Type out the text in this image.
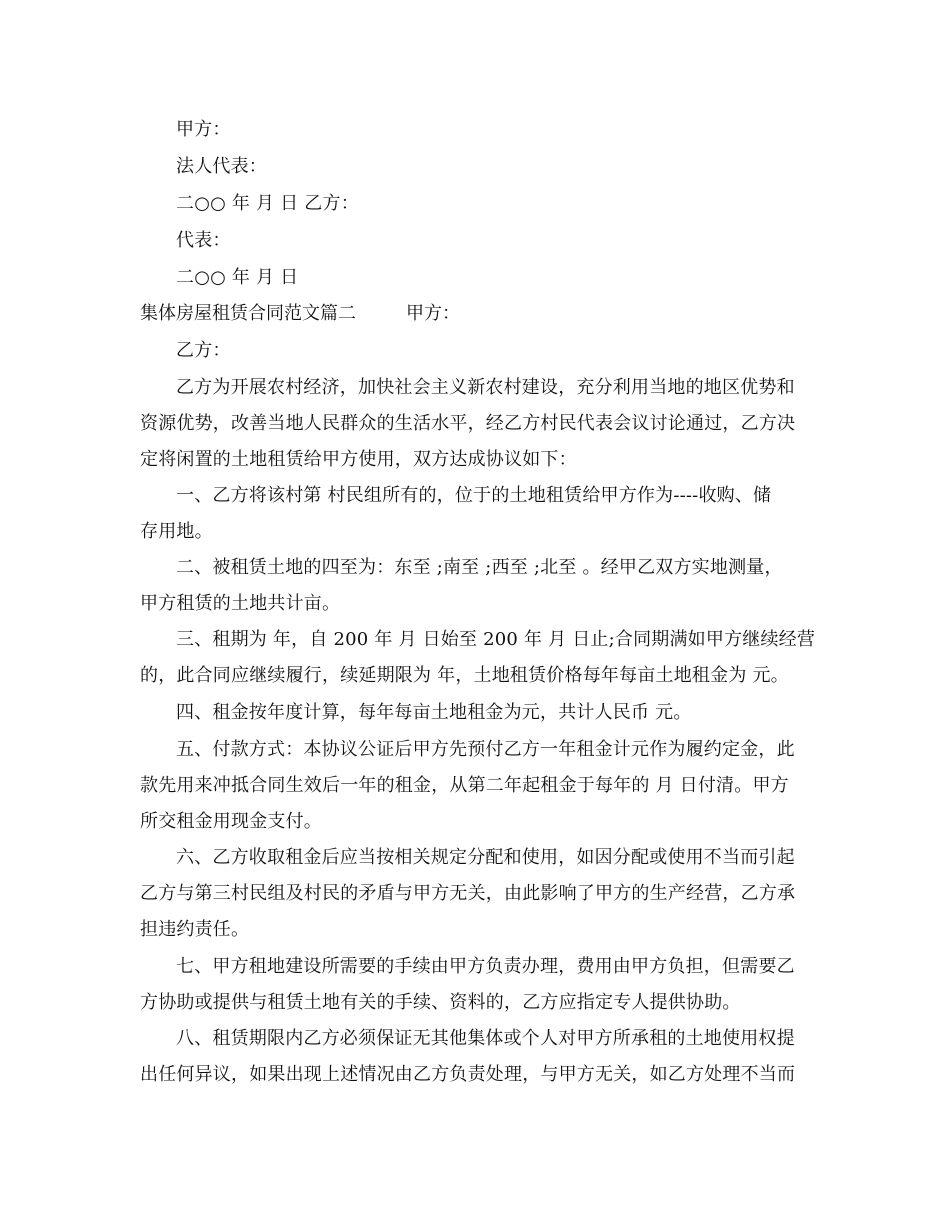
甲方：
法人代表：
二○○ 年 月 日 乙方：
代表：
二○○ 年 月 日
集体房屋租赁合同范文篇二	甲方：
乙方：
乙方为开展农村经济，加快社会主义新农村建设，充分利用当地的地区优势和
资源优势，改善当地人民群众的生活水平，经乙方村民代表会议讨论通过，乙方决
定将闲置的土地租赁给甲方使用，双方达成协议如下：
一、乙方将该村第 村民组所有的，位于的土地租赁给甲方作为----收购、储
存用地。
二、被租赁土地的四至为：东至 ;南至 ;西至 ;北至 。经甲乙双方实地测量，
甲方租赁的土地共计亩。
三、租期为 年，自 200 年 月 日始至 200 年 月 日止;合同期满如甲方继续经营
的，此合同应继续履行，续延期限为 年，土地租赁价格每年每亩土地租金为 元。
四、租金按年度计算，每年每亩土地租金为元，共计人民币 元。
五、付款方式：本协议公证后甲方先预付乙方一年租金计元作为履约定金，此
款先用来冲抵合同生效后一年的租金，从第二年起租金于每年的 月 日付清。甲方
所交租金用现金支付。
六、乙方收取租金后应当按相关规定分配和使用，如因分配或使用不当而引起
乙方与第三村民组及村民的矛盾与甲方无关，由此影响了甲方的生产经营，乙方承
担违约责任。
七、甲方租地建设所需要的手续由甲方负责办理，费用由甲方负担，但需要乙
方协助或提供与租赁土地有关的手续、资料的，乙方应指定专人提供协助。
八、租赁期限内乙方必须保证无其他集体或个人对甲方所承租的土地使用权提
出任何异议，如果出现上述情况由乙方负责处理，与甲方无关，如乙方处理不当而
